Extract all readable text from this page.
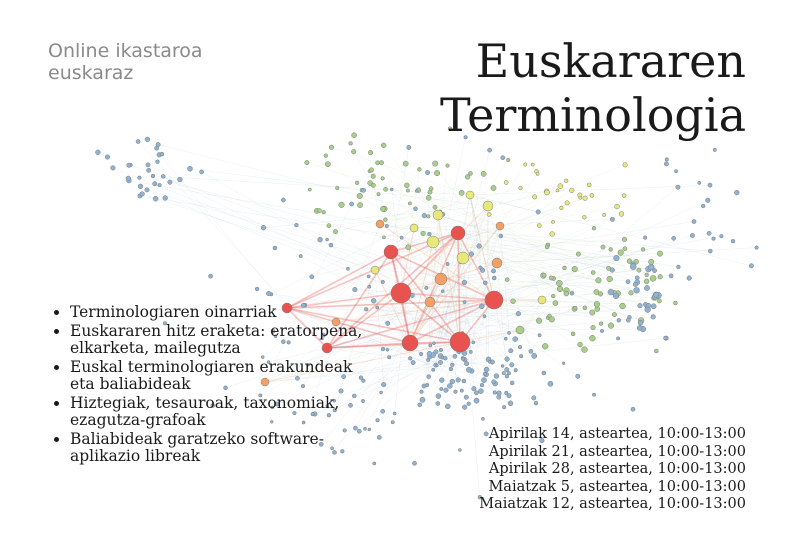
Online ikastaroa
euskaraz	Euskararen
Terminologia
• Terminologiaren oinarriak
• Euskararen hitz eraketa: eratorpena, elkarketa, mailegutza
• Euskal terminologiaren erakundeak eta baliabideak
• Hiztegiak, tesauroak, taxonomiak, ezagutza-grafoak
• Baliabideak garatzeko software-aplikazio libreak
Apirilak 14, asteartea, 10:00-13:00
Apirilak 21, asteartea, 10:00-13:00
Apirilak 28, asteartea, 10:00-13:00
Maiatzak 5, asteartea, 10:00-13:00
Maiatzak 12, asteartea, 10:00-13:00
